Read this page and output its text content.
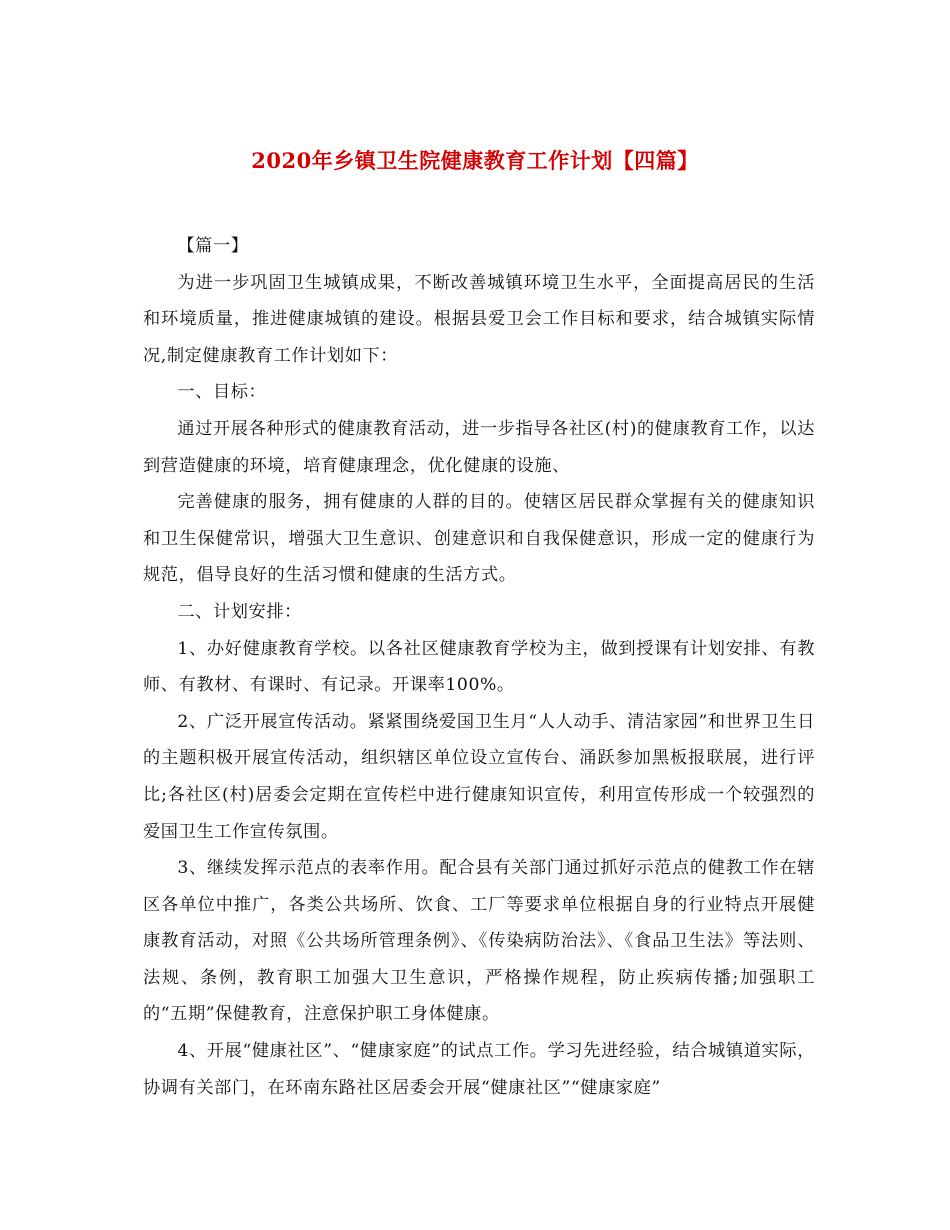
2020年乡镇卫生院健康教育工作计划【四篇】

【篇一】

为进一步巩固卫生城镇成果，不断改善城镇环境卫生水平，全面提高居民的生活和环境质量，推进健康城镇的建设。根据县爱卫会工作目标和要求，结合城镇实际情况,制定健康教育工作计划如下：

一、目标：

通过开展各种形式的健康教育活动，进一步指导各社区(村)的健康教育工作，以达到营造健康的环境，培育健康理念，优化健康的设施、

完善健康的服务，拥有健康的人群的目的。使辖区居民群众掌握有关的健康知识和卫生保健常识，增强大卫生意识、创建意识和自我保健意识，形成一定的健康行为规范，倡导良好的生活习惯和健康的生活方式。

二、计划安排：

1、办好健康教育学校。以各社区健康教育学校为主，做到授课有计划安排、有教师、有教材、有课时、有记录。开课率100%。

2、广泛开展宣传活动。紧紧围绕爱国卫生月“人人动手、清洁家园”和世界卫生日的主题积极开展宣传活动，组织辖区单位设立宣传台、涌跃参加黑板报联展，进行评比;各社区(村)居委会定期在宣传栏中进行健康知识宣传，利用宣传形成一个较强烈的爱国卫生工作宣传氛围。

3、继续发挥示范点的表率作用。配合县有关部门通过抓好示范点的健教工作在辖区各单位中推广，各类公共场所、饮食、工厂等要求单位根据自身的行业特点开展健康教育活动，对照《公共场所管理条例》、《传染病防治法》、《食品卫生法》等法则、法规、条例，教育职工加强大卫生意识，严格操作规程，防止疾病传播;加强职工的“五期”保健教育，注意保护职工身体健康。

4、开展“健康社区”、“健康家庭”的试点工作。学习先进经验，结合城镇道实际，协调有关部门，在环南东路社区居委会开展“健康社区”“健康家庭”
